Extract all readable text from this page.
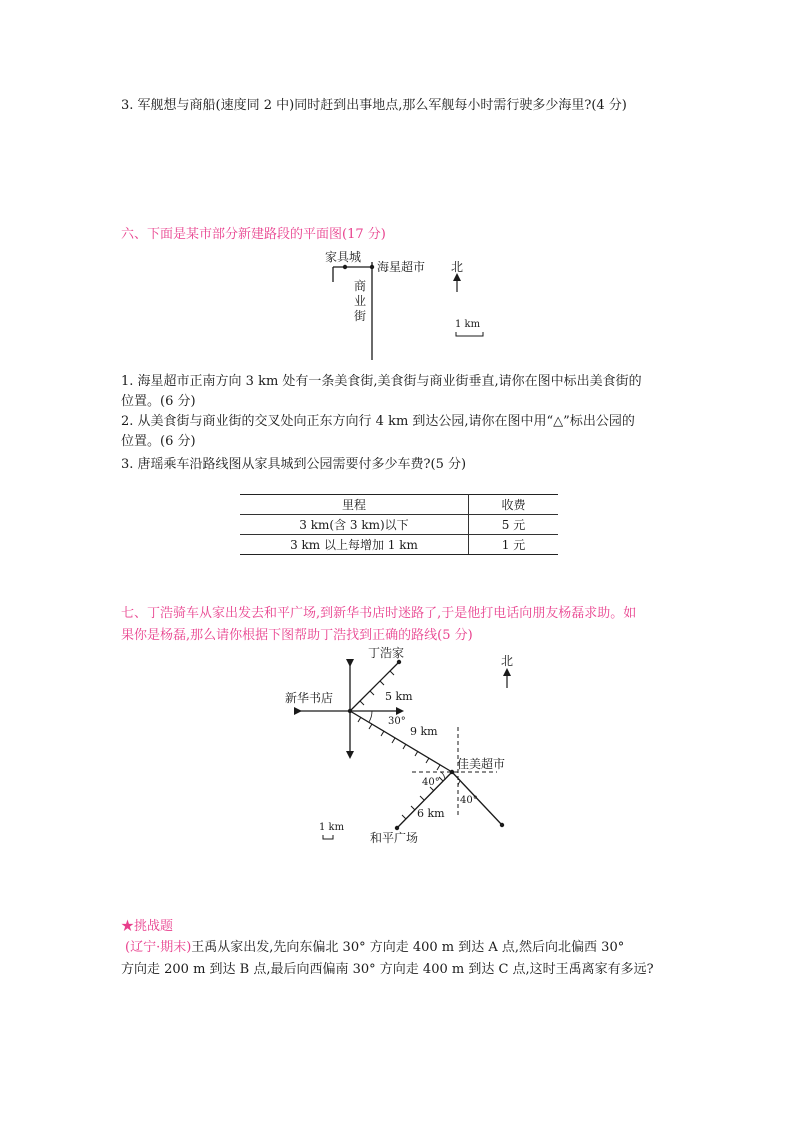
3. 军舰想与商船(速度同 2 中)同时赶到出事地点,那么军舰每小时需行驶多少海里?(4 分)
六、下面是某市部分新建路段的平面图(17 分)
家具城
海星超市
商
业
街
北
1 km
丁浩家
新华书店
佳美超市
和平广场
5 km
9 km
6 km
30°
40°
40°
北
1 km
1. 海星超市正南方向 3 km 处有一条美食街,美食街与商业街垂直,请你在图中标出美食街的
位置。(6 分)
2. 从美食街与商业街的交叉处向正东方向行 4 km 到达公园,请你在图中用“△”标出公园的
位置。(6 分)
3. 唐瑶乘车沿路线图从家具城到公园需要付多少车费?(5 分)
里程	收费
3 km(含 3 km)以下	5 元
3 km 以上每增加 1 km	1 元
七、丁浩骑车从家出发去和平广场,到新华书店时迷路了,于是他打电话向朋友杨磊求助。如
果你是杨磊,那么请你根据下图帮助丁浩找到正确的路线(5 分)
★挑战题
(辽宁·期末)王禹从家出发,先向东偏北 30° 方向走 400 m 到达 A 点,然后向北偏西 30°
方向走 200 m 到达 B 点,最后向西偏南 30° 方向走 400 m 到达 C 点,这时王禹离家有多远?
